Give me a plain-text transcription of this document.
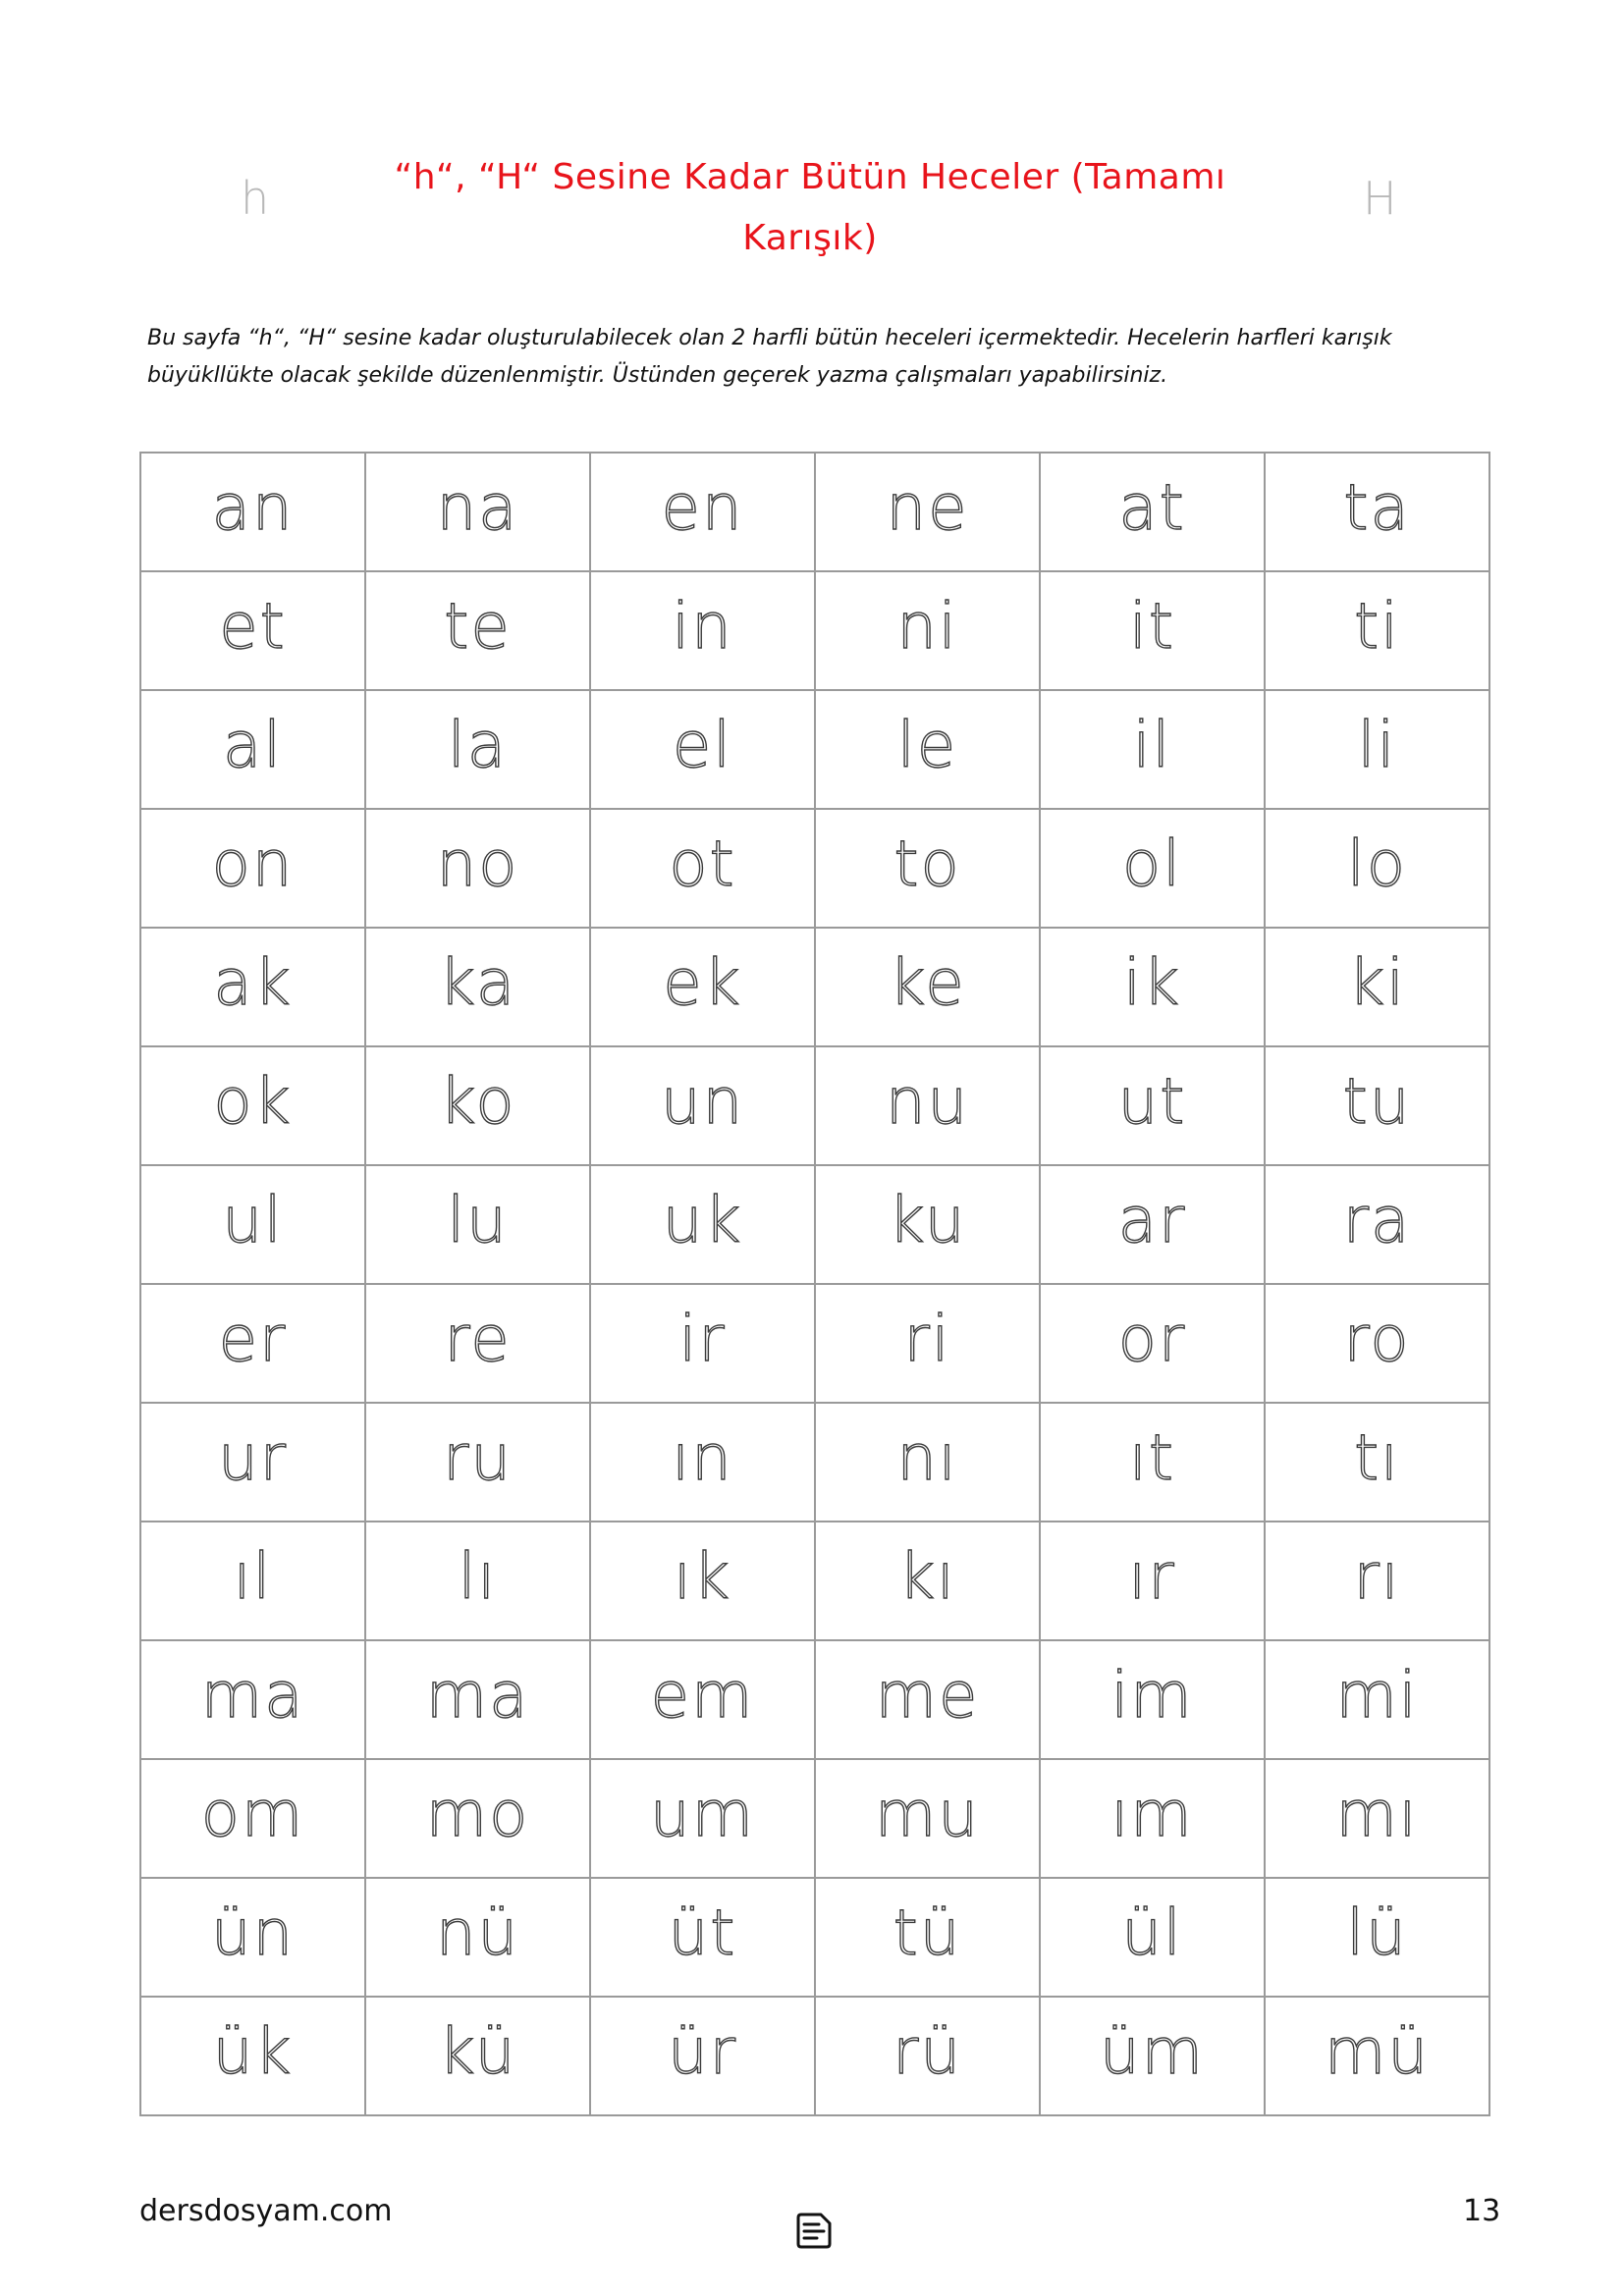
h	H
“h“, “H“ Sesine Kadar Bütün Heceler (Tamamı
Karışık)
Bu sayfa “h“, “H“ sesine kadar oluşturulabilecek olan 2 harfli bütün heceleri içermektedir. Hecelerin harfleri karışık
büyükllükte olacak şekilde düzenlenmiştir. Üstünden geçerek yazma çalışmaları yapabilirsiniz.
an	na	en	ne	at	ta
et	te	in	ni	it	ti
al	la	el	le	il	li
on	no	ot	to	ol	lo
ak	ka	ek	ke	ik	ki
ok	ko	un	nu	ut	tu
ul	lu	uk	ku	ar	ra
er	re	ir	ri	or	ro
ur	ru	ın	nı	ıt	tı
ıl	lı	ık	kı	ır	rı
ma	ma	em	me	im	mi
om	mo	um	mu	ım	mı
ün	nü	üt	tü	ül	lü
ük	kü	ür	rü	üm	mü
dersdosyam.com	13
